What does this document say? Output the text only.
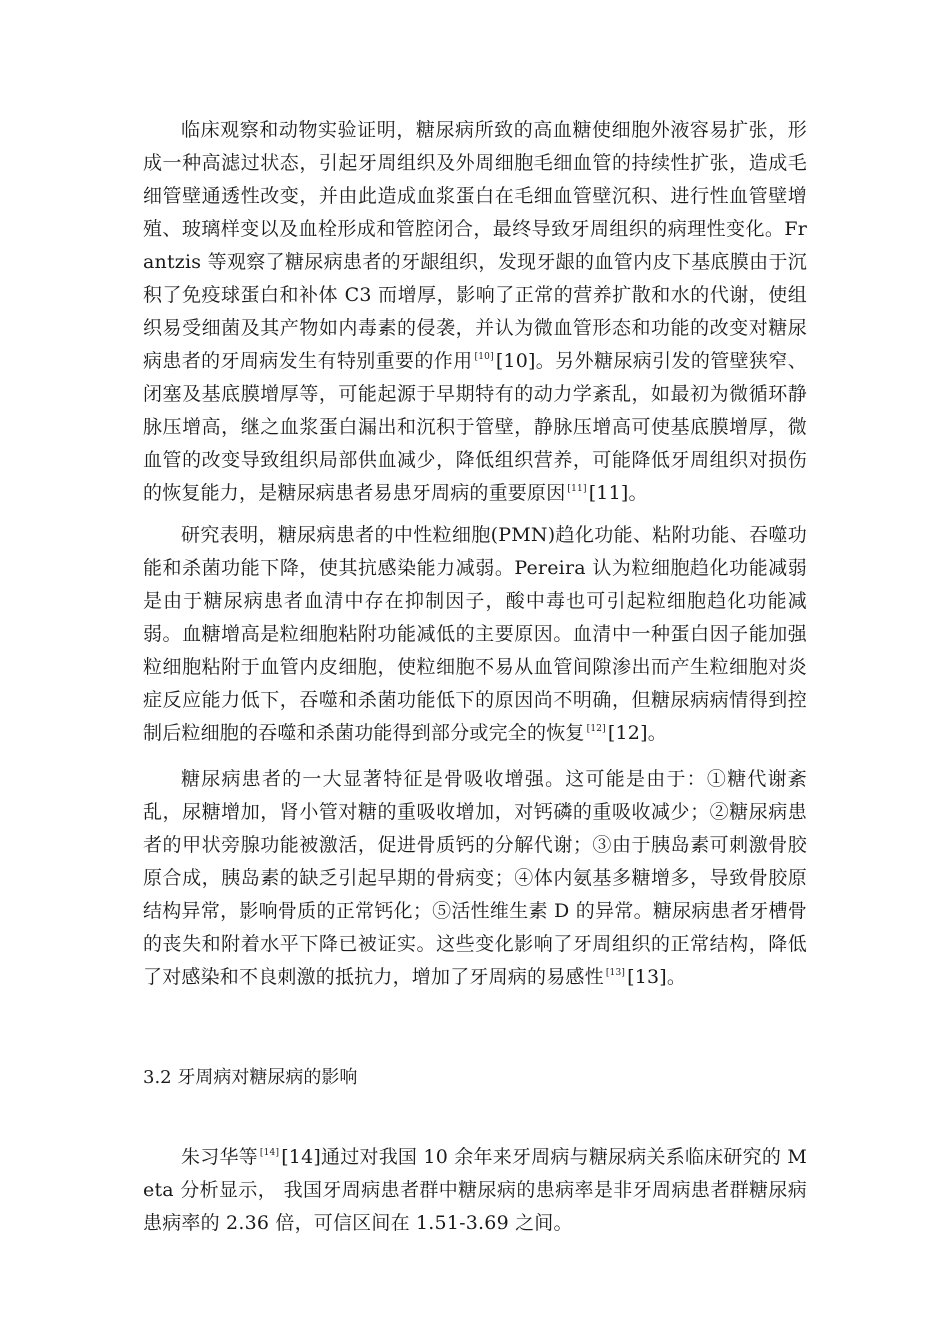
临床观察和动物实验证明，糖尿病所致的高血糖使细胞外液容易扩张，形成一种高滤过状态，引起牙周组织及外周细胞毛细血管的持续性扩张，造成毛细管壁通透性改变，并由此造成血浆蛋白在毛细血管壁沉积、进行性血管壁增殖、玻璃样变以及血栓形成和管腔闭合，最终导致牙周组织的病理性变化。Frantzis 等观察了糖尿病患者的牙龈组织，发现牙龈的血管内皮下基底膜由于沉积了免疫球蛋白和补体 C3 而增厚，影响了正常的营养扩散和水的代谢，使组织易受细菌及其产物如内毒素的侵袭，并认为微血管形态和功能的改变对糖尿病患者的牙周病发生有特别重要的作用 [10] [10]。另外糖尿病引发的管壁狭窄、闭塞及基底膜增厚等，可能起源于早期特有的动力学紊乱，如最初为微循环静脉压增高，继之血浆蛋白漏出和沉积于管壁，静脉压增高可使基底膜增厚，微血管的改变导致组织局部供血减少，降低组织营养，可能降低牙周组织对损伤的恢复能力，是糖尿病患者易患牙周病的重要原因 [11] [11]。

研究表明，糖尿病患者的中性粒细胞(PMN)趋化功能、粘附功能、吞噬功能和杀菌功能下降，使其抗感染能力减弱。Pereira 认为粒细胞趋化功能减弱是由于糖尿病患者血清中存在抑制因子，酸中毒也可引起粒细胞趋化功能减弱。血糖增高是粒细胞粘附功能减低的主要原因。血清中一种蛋白因子能加强粒细胞粘附于血管内皮细胞，使粒细胞不易从血管间隙渗出而产生粒细胞对炎症反应能力低下，吞噬和杀菌功能低下的原因尚不明确，但糖尿病病情得到控制后粒细胞的吞噬和杀菌功能得到部分或完全的恢复 [12] [12]。

糖尿病患者的一大显著特征是骨吸收增强。这可能是由于：①糖代谢紊乱，尿糖增加，肾小管对糖的重吸收增加，对钙磷的重吸收减少；②糖尿病患者的甲状旁腺功能被激活，促进骨质钙的分解代谢；③由于胰岛素可刺激骨胶原合成，胰岛素的缺乏引起早期的骨病变；④体内氨基多糖增多，导致骨胶原结构异常，影响骨质的正常钙化；⑤活性维生素 D 的异常。糖尿病患者牙槽骨的丧失和附着水平下降已被证实。这些变化影响了牙周组织的正常结构，降低了对感染和不良刺激的抵抗力，增加了牙周病的易感性 [13] [13]。

3.2 牙周病对糖尿病的影响

朱习华等 [14] [14]通过对我国 10 余年来牙周病与糖尿病关系临床研究的 Meta 分析显示， 我国牙周病患者群中糖尿病的患病率是非牙周病患者群糖尿病患病率的 2.36 倍，可信区间在 1.51-3.69 之间。
